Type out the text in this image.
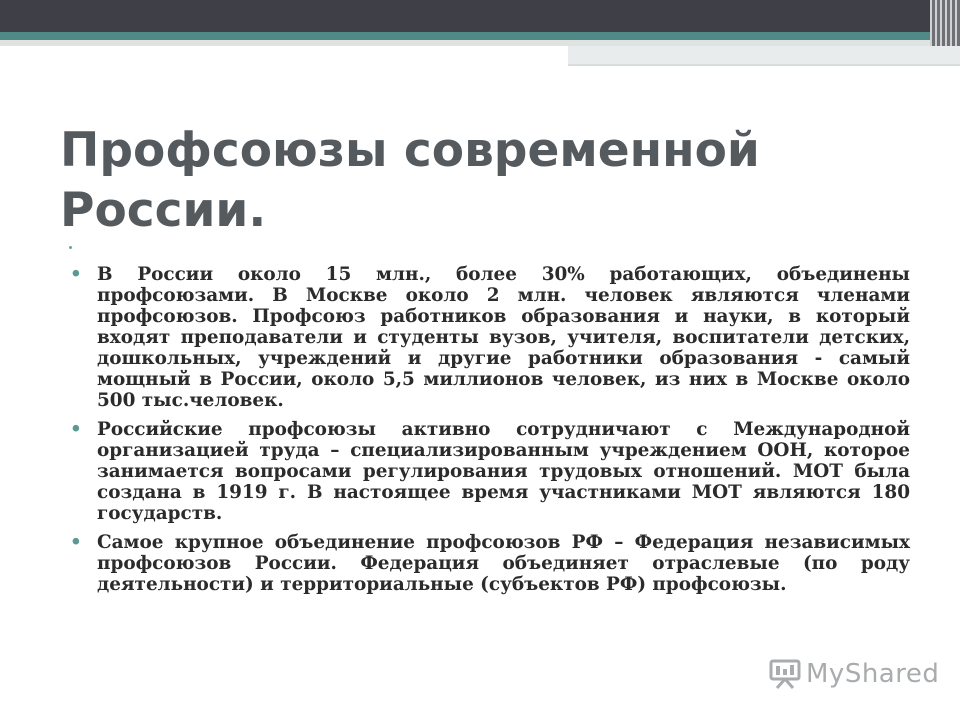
Профсоюзы современной России.
• В России около 15 млн., более 30% работающих, объединены профсоюзами. В Москве около 2 млн. человек являются членами профсоюзов. Профсоюз работников образования и науки, в который входят преподаватели и студенты вузов, учителя, воспитатели детских, дошкольных, учреждений и другие работники образования - самый мощный в России, около 5,5 миллионов человек, из них в Москве около 500 тыс.человек.
• Российские профсоюзы активно сотрудничают с Международной организацией труда – специализированным учреждением ООН, которое занимается вопросами регулирования трудовых отношений. МОТ была создана в 1919 г. В настоящее время участниками МОТ являются 180 государств.
• Самое крупное объединение профсоюзов РФ – Федерация независимых профсоюзов России. Федерация объединяет отраслевые (по роду деятельности) и территориальные (субъектов РФ) профсоюзы.
MyShared
